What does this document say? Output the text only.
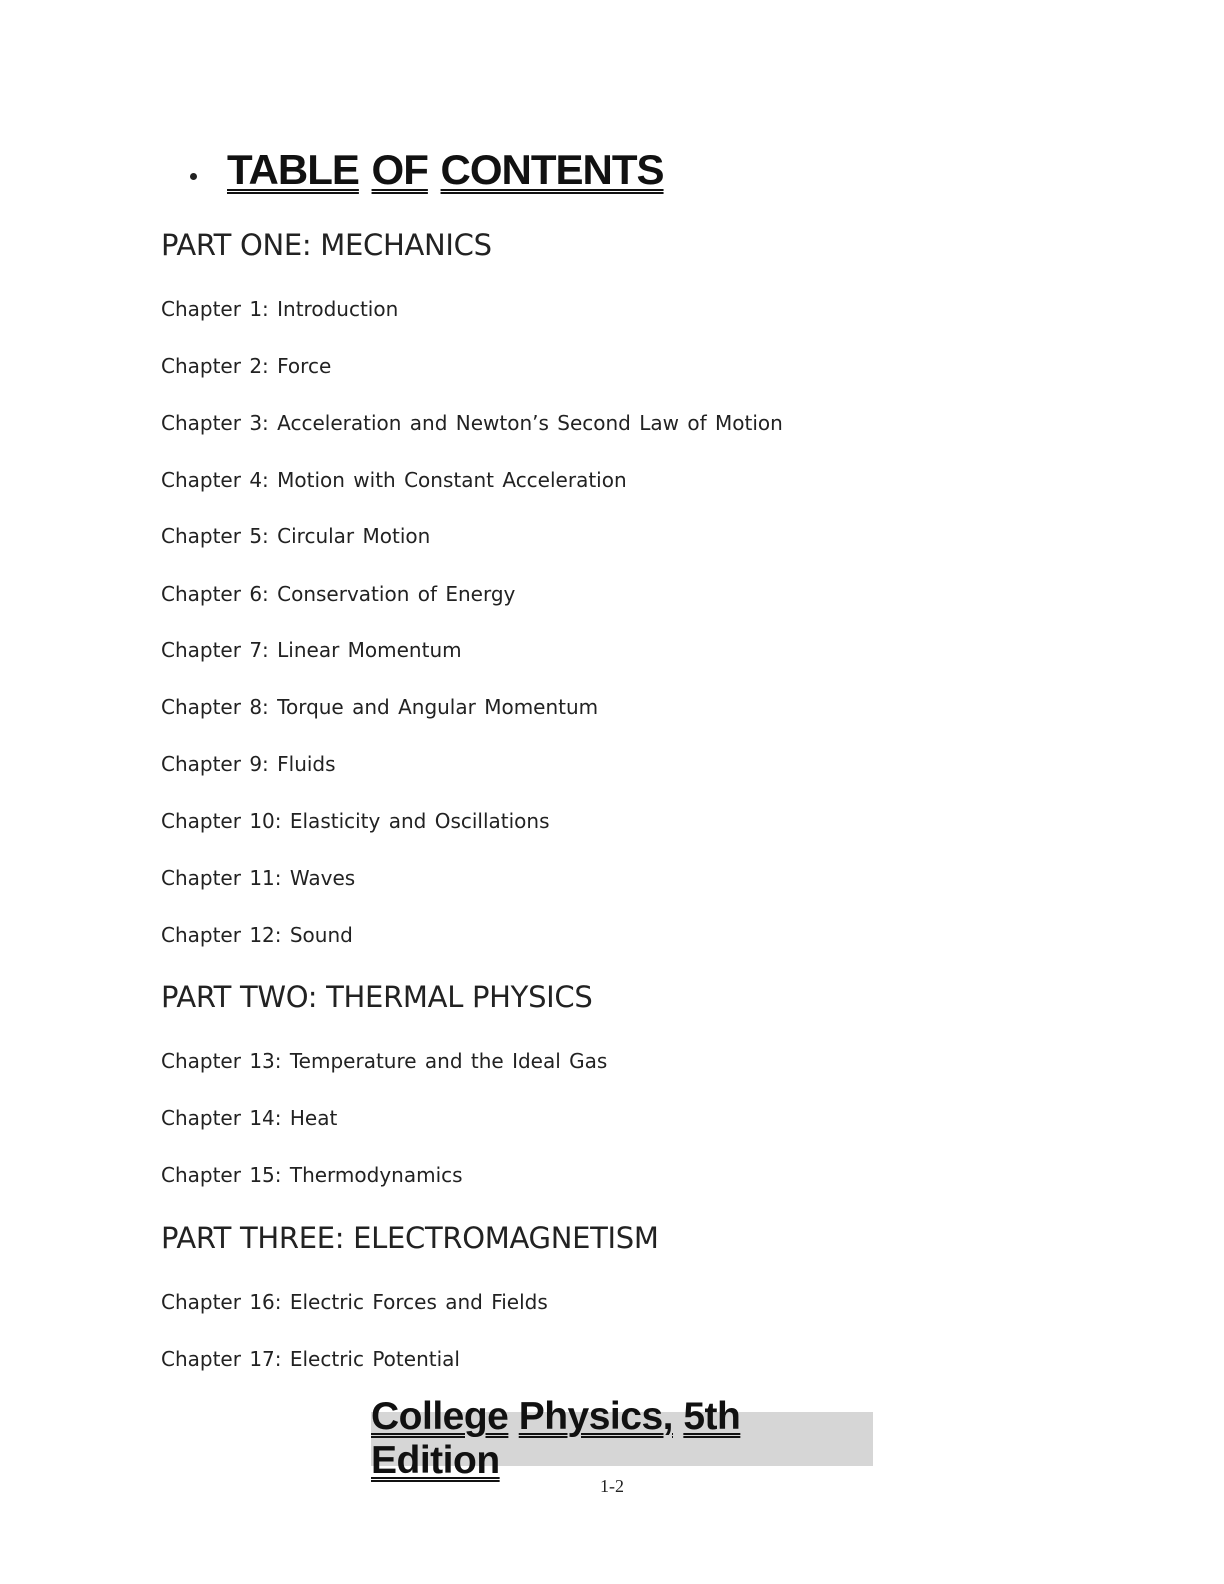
TABLE OF CONTENTS
PART ONE: MECHANICS
Chapter 1: Introduction
Chapter 2: Force
Chapter 3: Acceleration and Newton’s Second Law of Motion
Chapter 4: Motion with Constant Acceleration
Chapter 5: Circular Motion
Chapter 6: Conservation of Energy
Chapter 7: Linear Momentum
Chapter 8: Torque and Angular Momentum
Chapter 9: Fluids
Chapter 10: Elasticity and Oscillations
Chapter 11: Waves
Chapter 12: Sound
PART TWO: THERMAL PHYSICS
Chapter 13: Temperature and the Ideal Gas
Chapter 14: Heat
Chapter 15: Thermodynamics
PART THREE: ELECTROMAGNETISM
Chapter 16: Electric Forces and Fields
Chapter 17: Electric Potential
College Physics, 5th Edition
1-2
